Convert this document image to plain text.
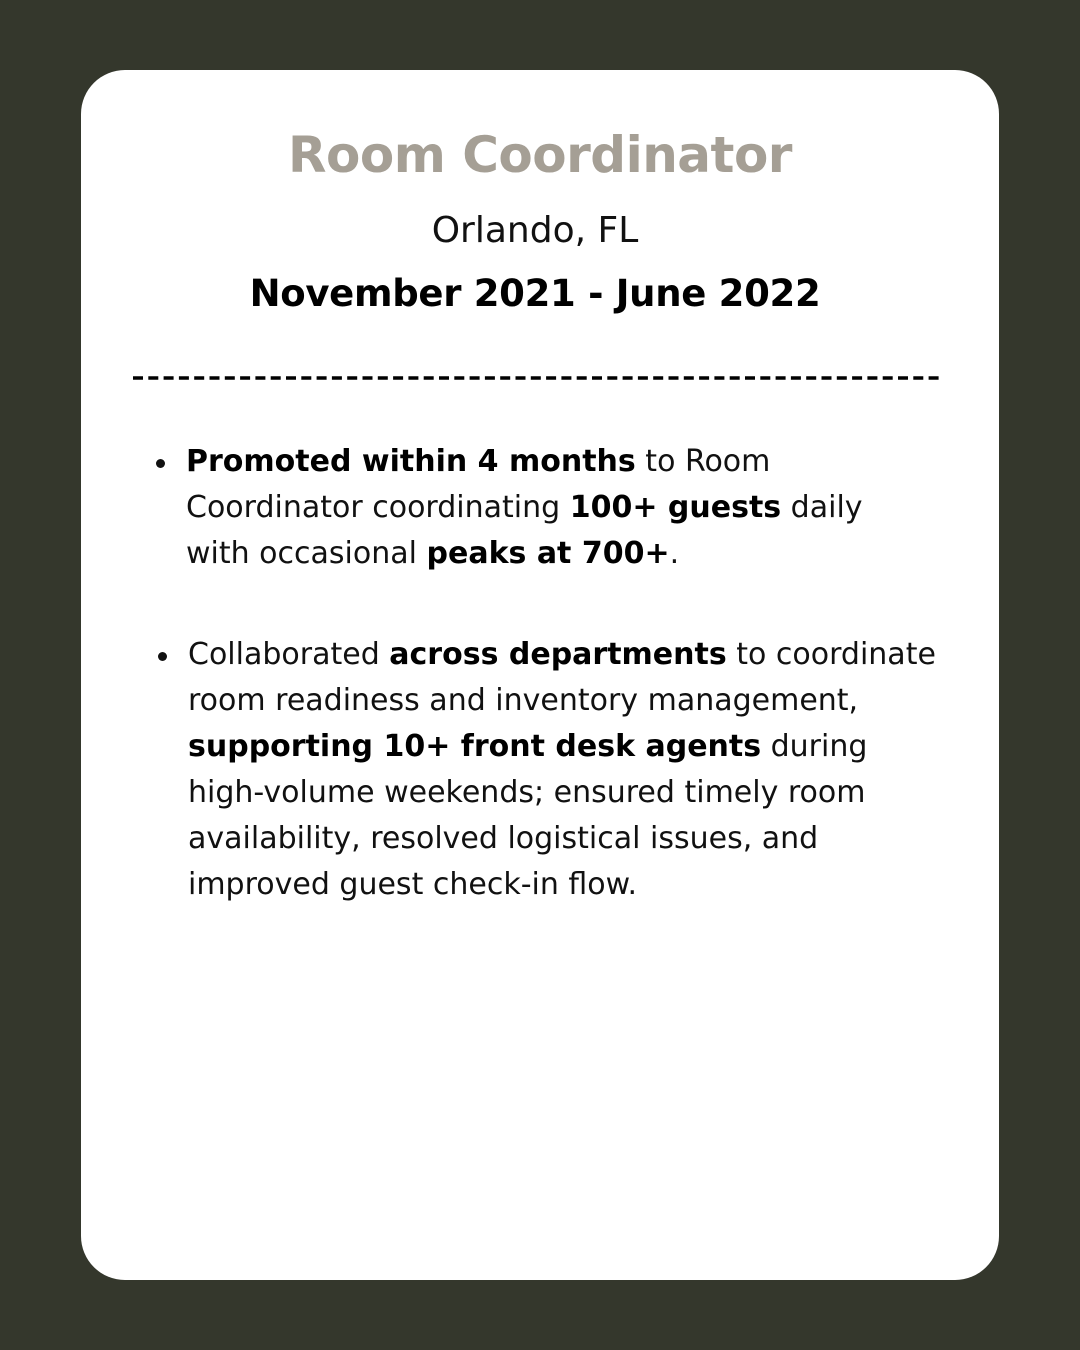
Room Coordinator
Orlando, FL
November 2021 - June 2022
Promoted within 4 months to Room Coordinator coordinating 100+ guests daily with occasional peaks at 700+.
Collaborated across departments to coordinate room readiness and inventory management, supporting 10+ front desk agents during high-volume weekends; ensured timely room availability, resolved logistical issues, and improved guest check-in flow.
